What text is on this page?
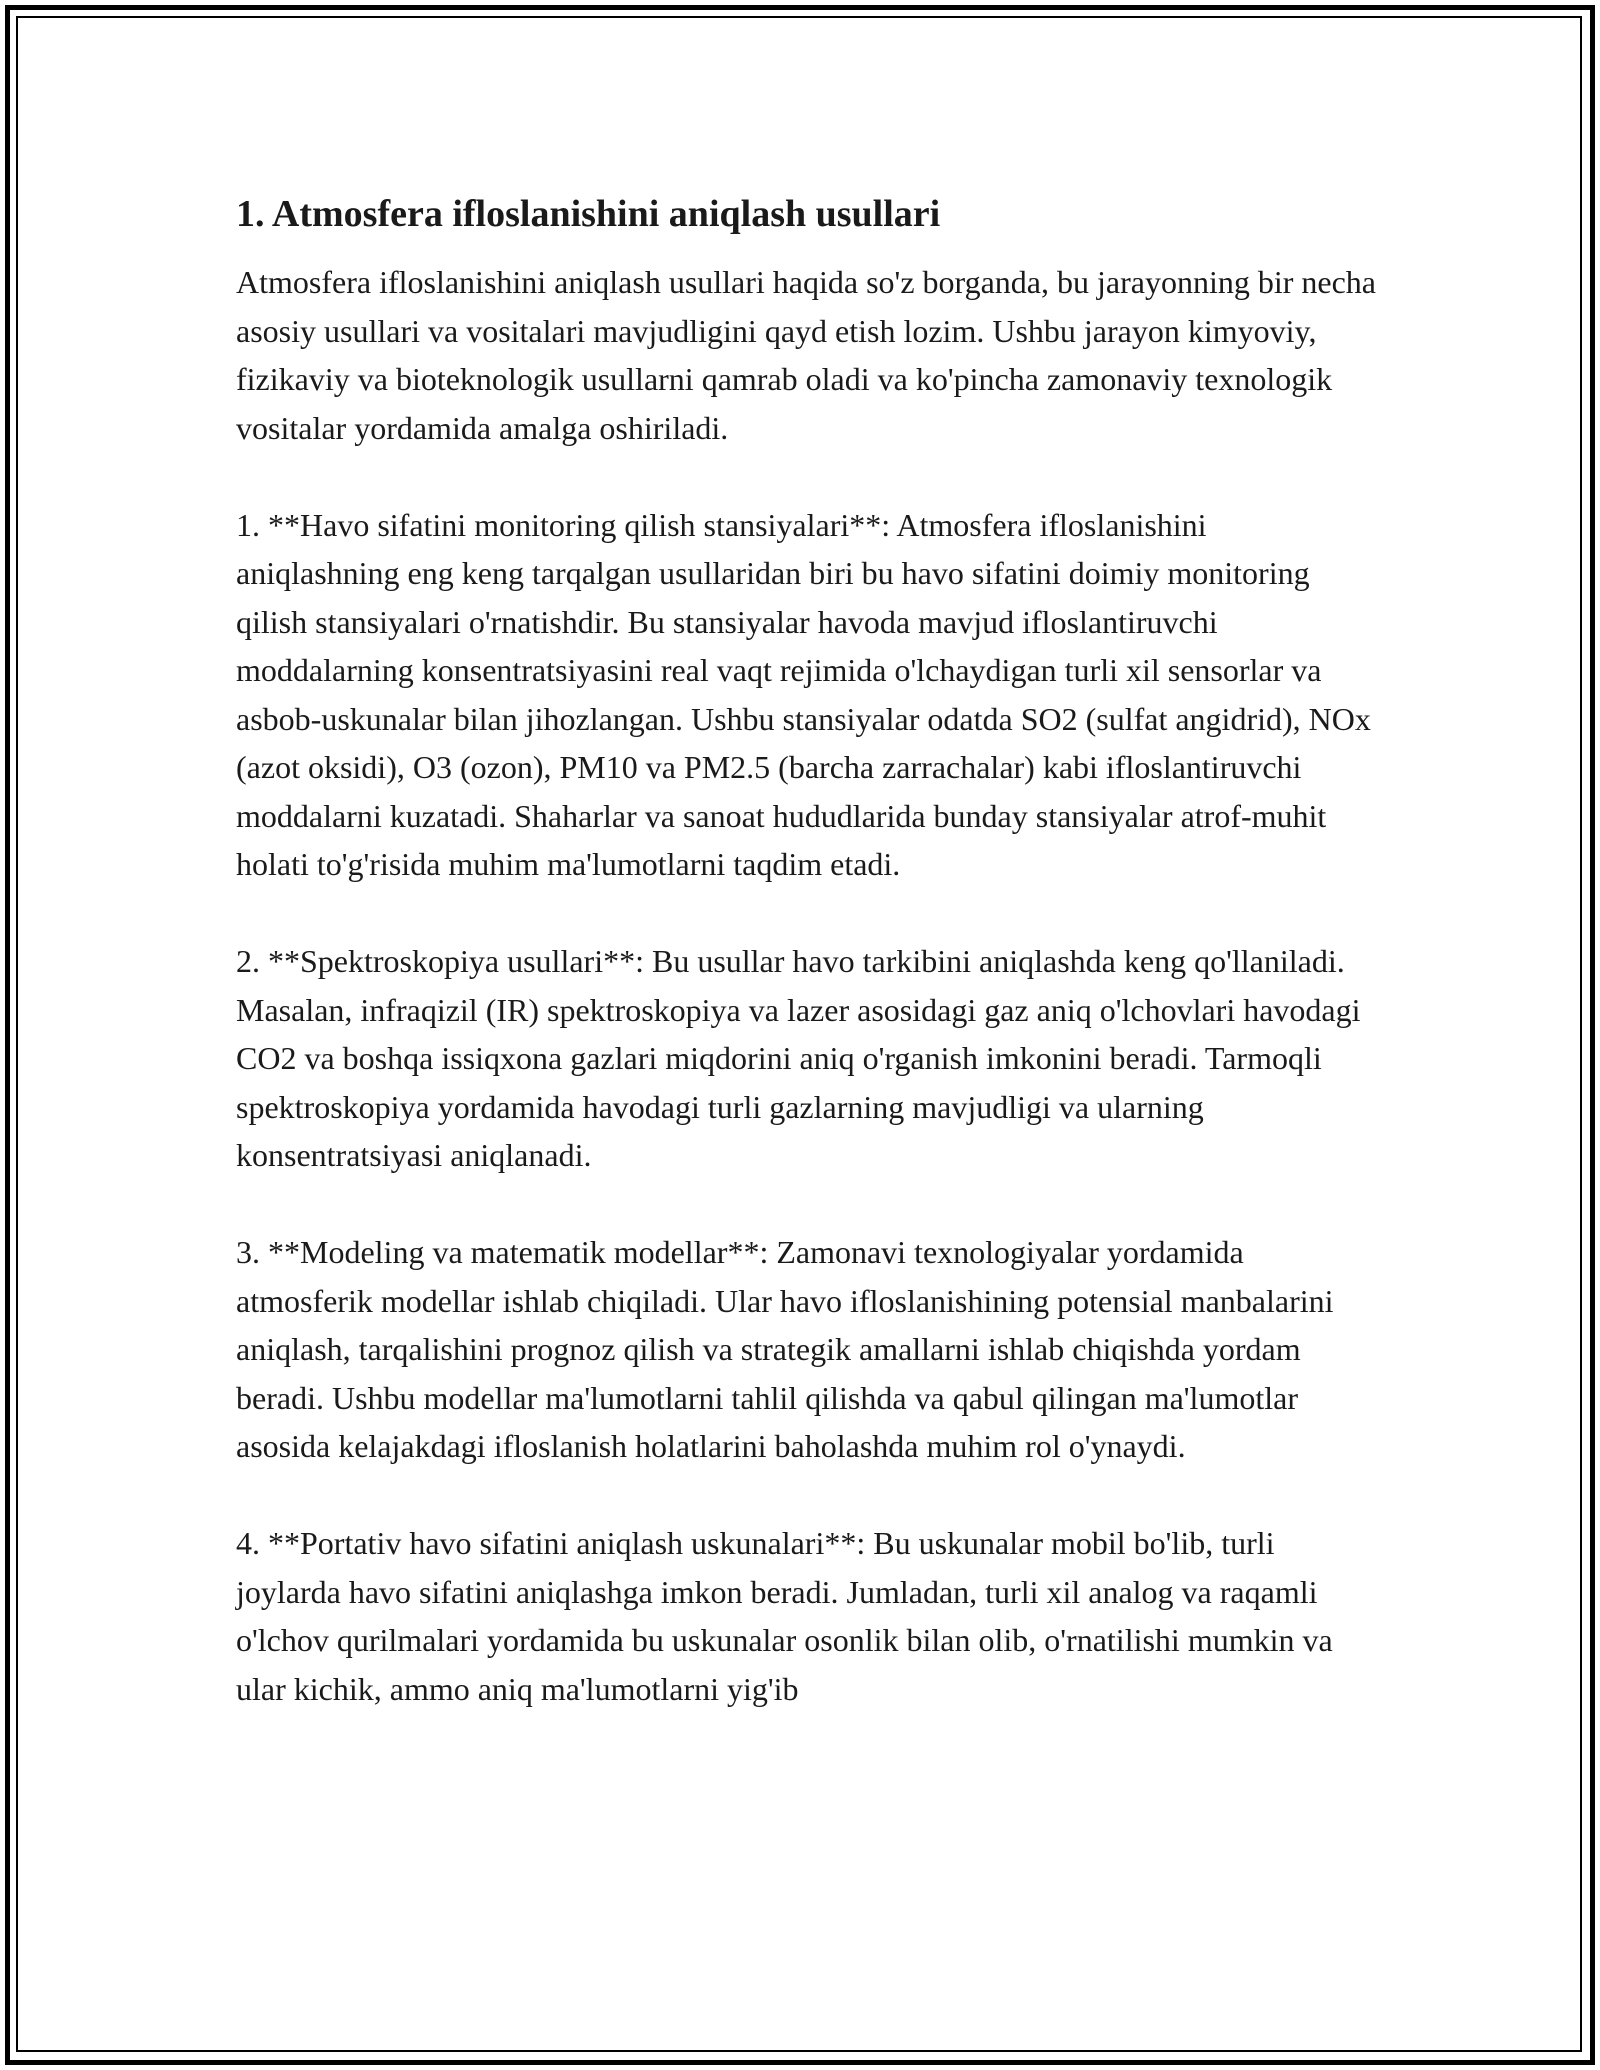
1. Atmosfera ifloslanishini aniqlash usullari

Atmosfera ifloslanishini aniqlash usullari haqida so'z borganda, bu jarayonning bir necha asosiy usullari va vositalari mavjudligini qayd etish lozim. Ushbu jarayon kimyoviy, fizikaviy va bioteknologik usullarni qamrab oladi va ko'pincha zamonaviy texnologik vositalar yordamida amalga oshiriladi.

1. **Havo sifatini monitoring qilish stansiyalari**: Atmosfera ifloslanishini aniqlashning eng keng tarqalgan usullaridan biri bu havo sifatini doimiy monitoring qilish stansiyalari o'rnatishdir. Bu stansiyalar havoda mavjud ifloslantiruvchi moddalarning konsentratsiyasini real vaqt rejimida o'lchaydigan turli xil sensorlar va asbob-uskunalar bilan jihozlangan. Ushbu stansiyalar odatda SO2 (sulfat angidrid), NOx (azot oksidi), O3 (ozon), PM10 va PM2.5 (barcha zarrachalar) kabi ifloslantiruvchi moddalarni kuzatadi. Shaharlar va sanoat hududlarida bunday stansiyalar atrof-muhit holati to'g'risida muhim ma'lumotlarni taqdim etadi.

2. **Spektroskopiya usullari**: Bu usullar havo tarkibini aniqlashda keng qo'llaniladi. Masalan, infraqizil (IR) spektroskopiya va lazer asosidagi gaz aniq o'lchovlari havodagi CO2 va boshqa issiqxona gazlari miqdorini aniq o'rganish imkonini beradi. Tarmoqli spektroskopiya yordamida havodagi turli gazlarning mavjudligi va ularning konsentratsiyasi aniqlanadi.

3. **Modeling va matematik modellar**: Zamonavi texnologiyalar yordamida atmosferik modellar ishlab chiqiladi. Ular havo ifloslanishining potensial manbalarini aniqlash, tarqalishini prognoz qilish va strategik amallarni ishlab chiqishda yordam beradi. Ushbu modellar ma'lumotlarni tahlil qilishda va qabul qilingan ma'lumotlar asosida kelajakdagi ifloslanish holatlarini baholashda muhim rol o'ynaydi.

4. **Portativ havo sifatini aniqlash uskunalari**: Bu uskunalar mobil bo'lib, turli joylarda havo sifatini aniqlashga imkon beradi. Jumladan, turli xil analog va raqamli o'lchov qurilmalari yordamida bu uskunalar osonlik bilan olib, o'rnatilishi mumkin va ular kichik, ammo aniq ma'lumotlarni yig'ib
